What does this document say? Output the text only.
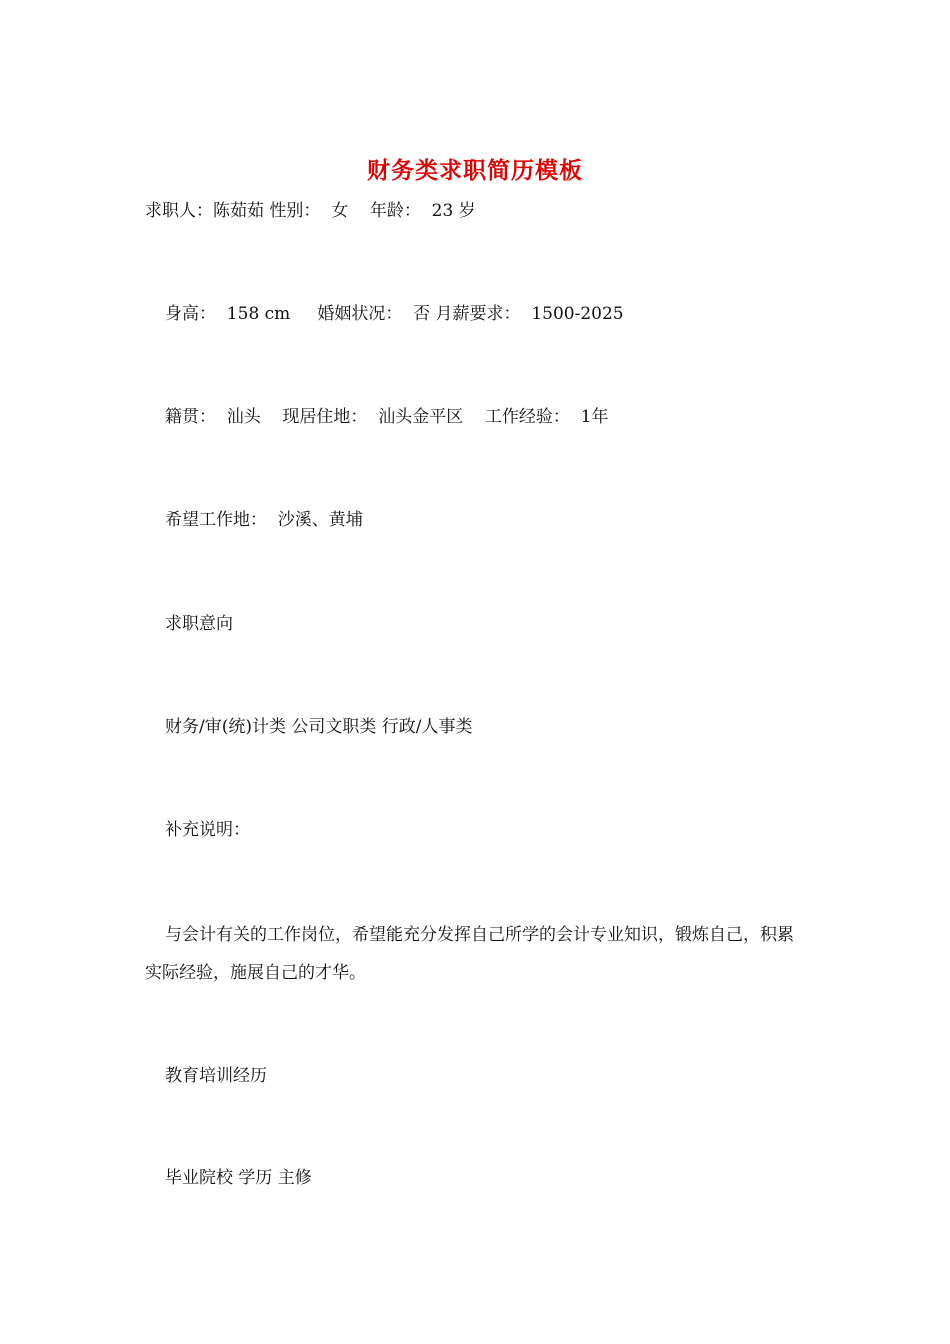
财务类求职简历模板
求职人：陈茹茹 性别：  女    年龄：  23 岁
身高：  158 cm     婚姻状况：  否 月薪要求：  1500-2025
籍贯：  汕头    现居住地：  汕头金平区    工作经验：  1年
希望工作地：  沙溪、黄埔
求职意向
财务/审(统)计类 公司文职类 行政/人事类
补充说明：
与会计有关的工作岗位，希望能充分发挥自己所学的会计专业知识，锻炼自己，积累实际经验，施展自己的才华。
教育培训经历
毕业院校 学历 主修
